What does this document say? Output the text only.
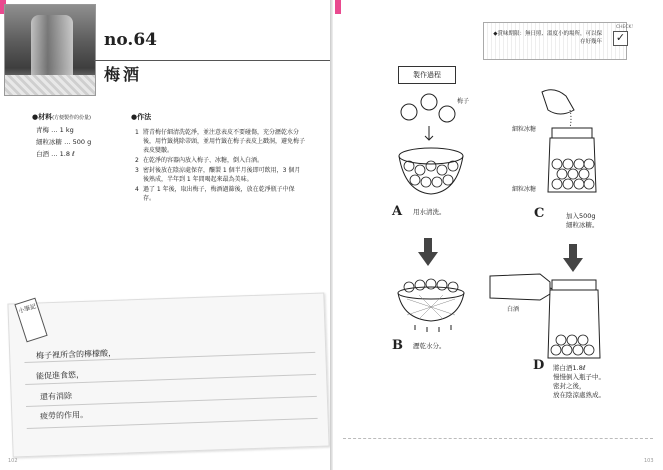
no.64
梅酒
●材料(方便製作的份量)
青梅 … 1 kg
細粒冰糖 … 500 g
白酒 … 1.8 ℓ
●作法
1 將青梅仔細清洗乾淨，並注意表皮不要碰傷，充分瀝乾水分後，用竹籤挑除蒂頭，並用竹籤在梅子表皮上戳洞，避免梅子表皮變皺。
2 在乾淨的容器內放入梅子、冰糖，倒入白酒。
3 密封後放在陰涼處保存，釀製 1 個半月後即可飲用，3 個月後熟成，半年到 1 年間喝起來最為美味。
4 過了 1 年後，取出梅子，梅酒過篩後，放在乾淨瓶子中保存。
小筆記
梅子裡所含的檸檬酸，
能促進食慾，
還有消除
疲勞的作用。
102
◆賞味期限：無日照、溫度小的場所，可以保存好幾年
CHECK！
✓
製作過程
梅子
A 用水清洗。
B 瀝乾水分。
細粒冰糖
細粒冰糖
C	加入500g
細粒冰糖。
白酒
D 將白酒1.8ℓ
慢慢倒入瓶子中。
密封之後，
放在陰涼處熟成。
103
